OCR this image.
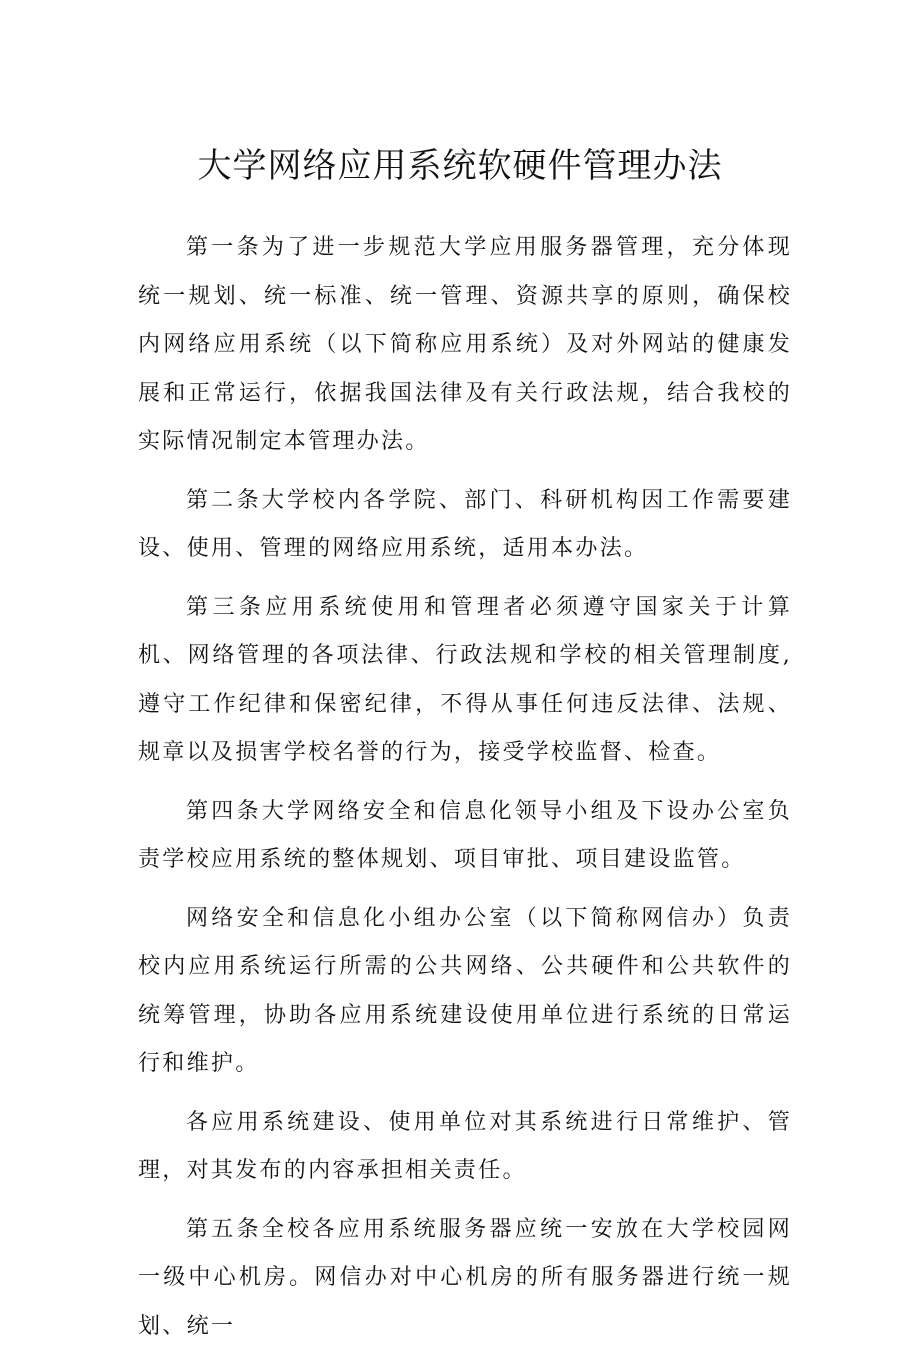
大学网络应用系统软硬件管理办法

第一条为了进一步规范大学应用服务器管理，充分体现统一规划、统一标准、统一管理、资源共享的原则，确保校内网络应用系统（以下简称应用系统）及对外网站的健康发展和正常运行，依据我国法律及有关行政法规，结合我校的实际情况制定本管理办法。

第二条大学校内各学院、部门、科研机构因工作需要建设、使用、管理的网络应用系统，适用本办法。

第三条应用系统使用和管理者必须遵守国家关于计算机、网络管理的各项法律、行政法规和学校的相关管理制度,遵守工作纪律和保密纪律，不得从事任何违反法律、法规、规章以及损害学校名誉的行为，接受学校监督、检查。

第四条大学网络安全和信息化领导小组及下设办公室负责学校应用系统的整体规划、项目审批、项目建设监管。

网络安全和信息化小组办公室（以下简称网信办）负责校内应用系统运行所需的公共网络、公共硬件和公共软件的统筹管理，协助各应用系统建设使用单位进行系统的日常运行和维护。

各应用系统建设、使用单位对其系统进行日常维护、管理，对其发布的内容承担相关责任。

第五条全校各应用系统服务器应统一安放在大学校园网一级中心机房。网信办对中心机房的所有服务器进行统一规划、统一
